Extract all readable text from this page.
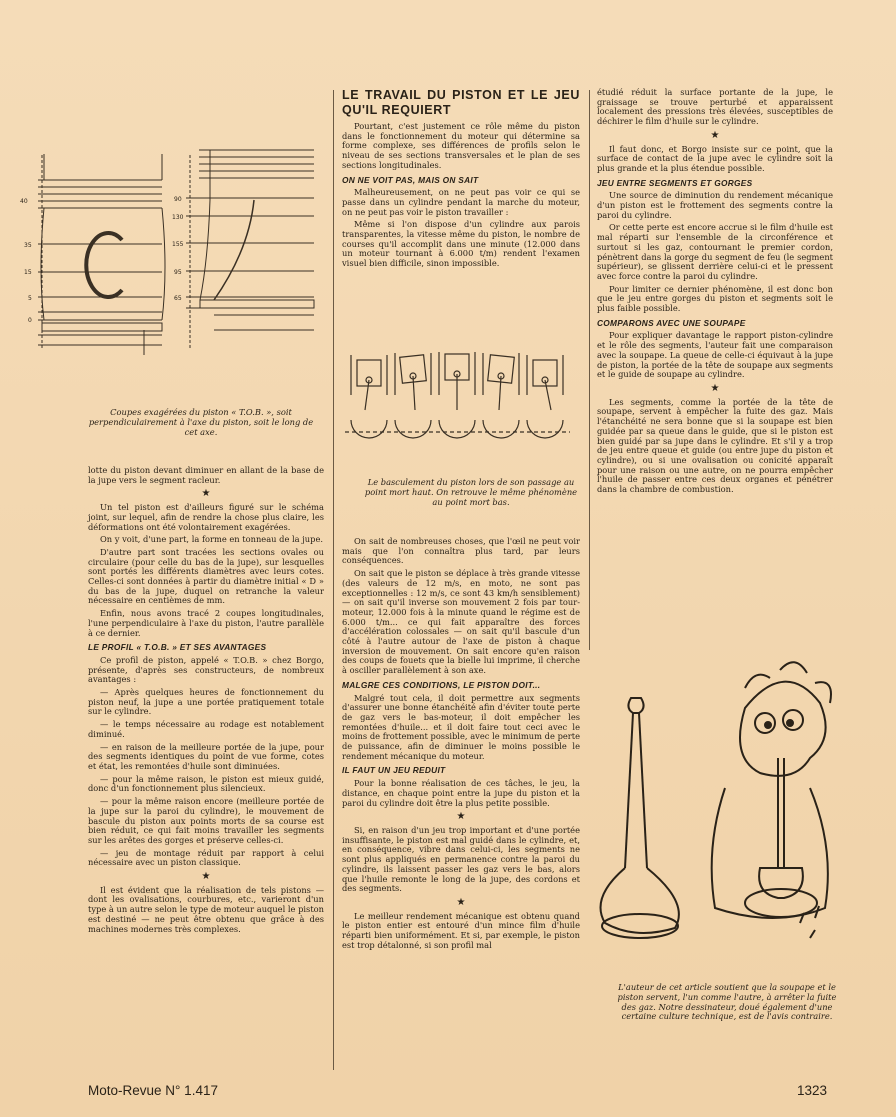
40
35
15
5
0
90
130
155
95
65
Coupes exagérées du piston « T.O.B. », soit perpendiculairement à l'axe du piston, soit le long de cet axe.

lotte du piston devant diminuer en allant de la base de la jupe vers le segment racleur.

★

Un tel piston est d'ailleurs figuré sur le schéma joint, sur lequel, afin de rendre la chose plus claire, les déformations ont été volontairement exagérées.

On y voit, d'une part, la forme en tonneau de la jupe.

D'autre part sont tracées les sections ovales ou circulaire (pour celle du bas de la jupe), sur lesquelles sont portés les différents diamètres avec leurs cotes. Celles-ci sont données à partir du diamètre initial « D » du bas de la jupe, duquel on retranche la valeur nécessaire en centièmes de mm.

Enfin, nous avons tracé 2 coupes longitudinales, l'une perpendiculaire à l'axe du piston, l'autre parallèle à ce dernier.

LE PROFIL « T.O.B. » ET SES AVANTAGES

Ce profil de piston, appelé « T.O.B. » chez Borgo, présente, d'après ses constructeurs, de nombreux avantages :

— Après quelques heures de fonctionnement du piston neuf, la jupe a une portée pratiquement totale sur le cylindre.

— le temps nécessaire au rodage est notablement diminué.

— en raison de la meilleure portée de la jupe, pour des segments identiques du point de vue forme, cotes et état, les remontées d'huile sont diminuées.

— pour la même raison, le piston est mieux guidé, donc d'un fonctionnement plus silencieux.

— pour la même raison encore (meilleure portée de la jupe sur la paroi du cylindre), le mouvement de bascule du piston aux points morts de sa course est bien réduit, ce qui fait moins travailler les segments sur les arêtes des gorges et préserve celles-ci.

— jeu de montage réduit par rapport à celui nécessaire avec un piston classique.

★

Il est évident que la réalisation de tels pistons — dont les ovalisations, courbures, etc., varieront d'un type à un autre selon le type de moteur auquel le piston est destiné — ne peut être obtenu que grâce à des machines modernes très complexes.

LE TRAVAIL DU PISTON ET LE JEU QU'IL REQUIERT

Pourtant, c'est justement ce rôle même du piston dans le fonctionnement du moteur qui détermine sa forme complexe, ses différences de profils selon le niveau de ses sections transversales et le plan de ses sections longitudinales.

ON NE VOIT PAS, MAIS ON SAIT

Malheureusement, on ne peut pas voir ce qui se passe dans un cylindre pendant la marche du moteur, on ne peut pas voir le piston travailler :

Même si l'on dispose d'un cylindre aux parois transparentes, la vitesse même du piston, le nombre de courses qu'il accomplit dans une minute (12.000 dans un moteur tournant à 6.000 t/m) rendent l'examen visuel bien difficile, sinon impossible.

Le basculement du piston lors de son passage au point mort haut. On retrouve le même phénomène au point mort bas.

On sait de nombreuses choses, que l'œil ne peut voir mais que l'on connaîtra plus tard, par leurs conséquences.

On sait que le piston se déplace à très grande vitesse (des valeurs de 12 m/s, en moto, ne sont pas exceptionnelles : 12 m/s, ce sont 43 km/h sensiblement) — on sait qu'il inverse son mouvement 2 fois par tour-moteur, 12.000 fois à la minute quand le régime est de 6.000 t/m... ce qui fait apparaître des forces d'accélération colossales — on sait qu'il bascule d'un côté à l'autre autour de l'axe de piston à chaque inversion de mouvement. On sait encore qu'en raison des coups de fouets que la bielle lui imprime, il cherche à osciller parallèlement à son axe.

MALGRE CES CONDITIONS, LE PISTON DOIT...

Malgré tout cela, il doit permettre aux segments d'assurer une bonne étanchéité afin d'éviter toute perte de gaz vers le bas-moteur, il doit empêcher les remontées d'huile... et il doit faire tout ceci avec le moins de frottement possible, avec le minimum de perte de puissance, afin de diminuer le moins possible le rendement mécanique du moteur.

IL FAUT UN JEU REDUIT

Pour la bonne réalisation de ces tâches, le jeu, la distance, en chaque point entre la jupe du piston et la paroi du cylindre doit être la plus petite possible.

★

Si, en raison d'un jeu trop important et d'une portée insuffisante, le piston est mal guidé dans le cylindre, et, en conséquence, vibre dans celui-ci, les segments ne sont plus appliqués en permanence contre la paroi du cylindre, ils laissent passer les gaz vers le bas, alors que l'huile remonte le long de la jupe, des cordons et des segments.

★

Le meilleur rendement mécanique est obtenu quand le piston entier est entouré d'un mince film d'huile réparti bien uniformément. Et si, par exemple, le piston est trop détalonné, si son profil mal

étudié réduit la surface portante de la jupe, le graissage se trouve perturbé et apparaissent localement des pressions très élevées, susceptibles de déchirer le film d'huile sur le cylindre.

★

Il faut donc, et Borgo insiste sur ce point, que la surface de contact de la jupe avec le cylindre soit la plus grande et la plus étendue possible.

JEU ENTRE SEGMENTS ET GORGES

Une source de diminution du rendement mécanique d'un piston est le frottement des segments contre la paroi du cylindre.

Or cette perte est encore accrue si le film d'huile est mal réparti sur l'ensemble de la circonférence et surtout si les gaz, contournant le premier cordon, pénètrent dans la gorge du segment de feu (le segment supérieur), se glissent derrière celui-ci et le pressent avec force contre la paroi du cylindre.

Pour limiter ce dernier phénomène, il est donc bon que le jeu entre gorges du piston et segments soit le plus faible possible.

COMPARONS AVEC UNE SOUPAPE

Pour expliquer davantage le rapport piston-cylindre et le rôle des segments, l'auteur fait une comparaison avec la soupape. La queue de celle-ci équivaut à la jupe de piston, la portée de la tête de soupape aux segments et le guide de soupape au cylindre.

★

Les segments, comme la portée de la tête de soupape, servent à empêcher la fuite des gaz. Mais l'étanchéité ne sera bonne que si la soupape est bien guidée par sa queue dans le guide, que si le piston est bien guidé par sa jupe dans le cylindre. Et s'il y a trop de jeu entre queue et guide (ou entre jupe du piston et cylindre), ou si une ovalisation ou conicité apparaît pour une raison ou une autre, on ne pourra empêcher l'huile de passer entre ces deux organes et pénétrer dans la chambre de combustion.

L'auteur de cet article soutient que la soupape et le piston servent, l'un comme l'autre, à arrêter la fuite des gaz. Notre dessinateur, doué également d'une certaine culture technique, est de l'avis contraire.
Moto-Revue N° 1.417	1323
